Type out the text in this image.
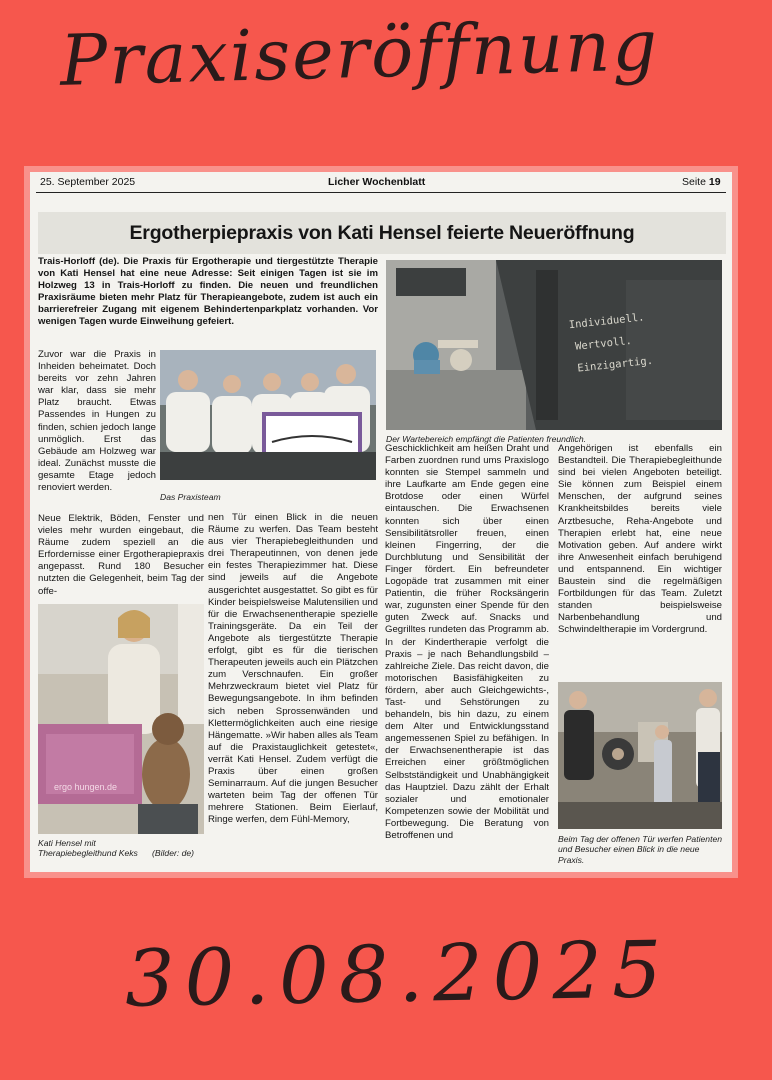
Praxiseröffnung
25. September 2025	Licher Wochenblatt	Seite 19
Ergotherpiepraxis von Kati Hensel feierte Neueröffnung
Trais-Horloff (de). Die Praxis für Ergotherapie und tiergestützte Therapie von Kati Hensel hat eine neue Adresse: Seit einigen Tagen ist sie im Holzweg 13 in Trais-Horloff zu finden. Die neuen und freundlichen Praxisräume bieten mehr Platz für Therapieangebote, zudem ist auch ein barrierefreier Zugang mit eigenem Behindertenparkplatz vorhanden. Vor wenigen Tagen wurde Einweihung gefeiert.	Individuell.
Wertvoll.
Einzigartig.
Der Wartebereich empfängt die Patienten freundlich.
Zuvor war die Praxis in Inheiden beheimatet. Doch bereits vor zehn Jahren war klar, dass sie mehr Platz braucht. Etwas Passendes in Hungen zu finden, schien jedoch lange unmöglich. Erst das Gebäude am Holzweg war ideal. Zunächst musste die gesamte Etage jedoch renoviert werden.
Das Praxisteam
Neue Elektrik, Böden, Fenster und vieles mehr wurden eingebaut, die Räume zudem speziell an die Erfordernisse einer Ergotherapiepraxis angepasst. Rund 180 Besucher nutzten die Gelegenheit, beim Tag der offe-
ergo hungen.de
Kati Hensel mit Therapiebegleithund Keks	(Bilder: de)
nen Tür einen Blick in die neuen Räume zu werfen. Das Team besteht aus vier Therapiebegleithunden und drei Therapeutinnen, von denen jede ein festes Therapiezimmer hat. Diese sind jeweils auf die Angebote ausgerichtet ausgestattet. So gibt es für Kinder beispielsweise Malutensilien und für die Erwachsenentherapie spezielle Trainingsgeräte. Da ein Teil der Angebote als tiergestützte Therapie erfolgt, gibt es für die tierischen Therapeuten jeweils auch ein Plätzchen zum Verschnaufen. Ein großer Mehrzweckraum bietet viel Platz für Bewegungsangebote. In ihm befinden sich neben Sprossenwänden und Klettermöglichkeiten auch eine riesige Hängematte. »Wir haben alles als Team auf die Praxistauglichkeit getestet«, verrät Kati Hensel. Zudem verfügt die Praxis über einen großen Seminarraum. Auf die jungen Besucher warteten beim Tag der offenen Tür mehrere Stationen. Beim Eierlauf, Ringe werfen, dem Fühl-Memory,
Geschicklichkeit am heißen Draht und Farben zuordnen rund ums Praxislogo konnten sie Stempel sammeln und ihre Laufkarte am Ende gegen eine Brotdose oder einen Würfel eintauschen. Die Erwachsenen konnten sich über einen Sensibilitätsroller freuen, einen kleinen Fingerring, der die Durchblutung und Sensibilität der Finger fördert. Ein befreundeter Logopäde trat zusammen mit einer Patientin, die früher Rocksängerin war, zugunsten einer Spende für den guten Zweck auf. Snacks und Gegrilltes rundeten das Programm ab. In der Kindertherapie verfolgt die Praxis – je nach Behandlungsbild – zahlreiche Ziele. Das reicht davon, die motorischen Basisfähigkeiten zu fördern, aber auch Gleichgewichts-, Tast- und Sehstörungen zu behandeln, bis hin dazu, zu einem dem Alter und Entwicklungsstand angemessenen Spiel zu befähigen. In der Erwachsenentherapie ist das Erreichen einer größtmöglichen Selbstständigkeit und Unabhängigkeit das Hauptziel. Dazu zählt der Erhalt sozialer und emotionaler Kompetenzen sowie der Mobilität und Fortbewegung. Die Beratung von Betroffenen und
Angehörigen ist ebenfalls ein Bestandteil. Die Therapiebegleithunde sind bei vielen Angeboten beteiligt. Sie können zum Beispiel einem Menschen, der aufgrund seines Krankheitsbildes bereits viele Arztbesuche, Reha-Angebote und Therapien erlebt hat, eine neue Motivation geben. Auf andere wirkt ihre Anwesenheit einfach beruhigend und entspannend. Ein wichtiger Baustein sind die regelmäßigen Fortbildungen für das Team. Zuletzt standen beispielsweise Narbenbehandlung und Schwindeltherapie im Vordergrund.
Beim Tag der offenen Tür werfen Patienten und Besucher einen Blick in die neue Praxis.
30.08.2025
